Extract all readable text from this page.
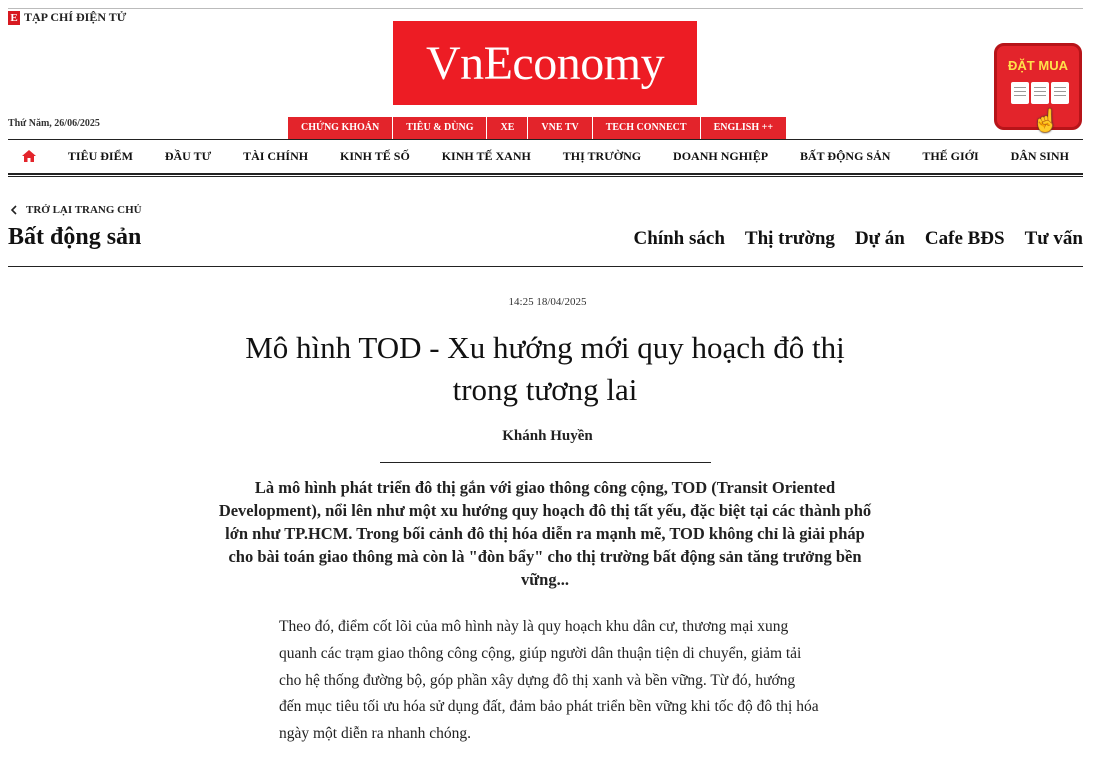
E TẠP CHÍ ĐIỆN TỬ
VnEconomy
Thứ Năm, 26/06/2025	CHỨNG KHOÁN	TIÊU & DÙNG	XE	VNE TV	TECH CONNECT	ENGLISH ++
ĐẶT MUA
☝
TIÊU ĐIỂM	ĐẦU TƯ	TÀI CHÍNH	KINH TẾ SỐ	KINH TẾ XANH	THỊ TRƯỜNG	DOANH NGHIỆP	BẤT ĐỘNG SẢN	THẾ GIỚI	DÂN SINH
TRỞ LẠI TRANG CHỦ
Bất động sản	Chính sách Thị trường Dự án Cafe BĐS Tư vấn
14:25 18/04/2025
Mô hình TOD - Xu hướng mới quy hoạch đô thị trong tương lai
Khánh Huyền

Là mô hình phát triển đô thị gắn với giao thông công cộng, TOD (Transit Oriented Development), nổi lên như một xu hướng quy hoạch đô thị tất yếu, đặc biệt tại các thành phố lớn như TP.HCM. Trong bối cảnh đô thị hóa diễn ra mạnh mẽ, TOD không chỉ là giải pháp cho bài toán giao thông mà còn là "đòn bẩy" cho thị trường bất động sản tăng trưởng bền vững...

Theo đó, điểm cốt lõi của mô hình này là quy hoạch khu dân cư, thương mại xung quanh các trạm giao thông công cộng, giúp người dân thuận tiện di chuyển, giảm tải cho hệ thống đường bộ, góp phần xây dựng đô thị xanh và bền vững. Từ đó, hướng đến mục tiêu tối ưu hóa sử dụng đất, đảm bảo phát triển bền vững khi tốc độ đô thị hóa ngày một diễn ra nhanh chóng.
